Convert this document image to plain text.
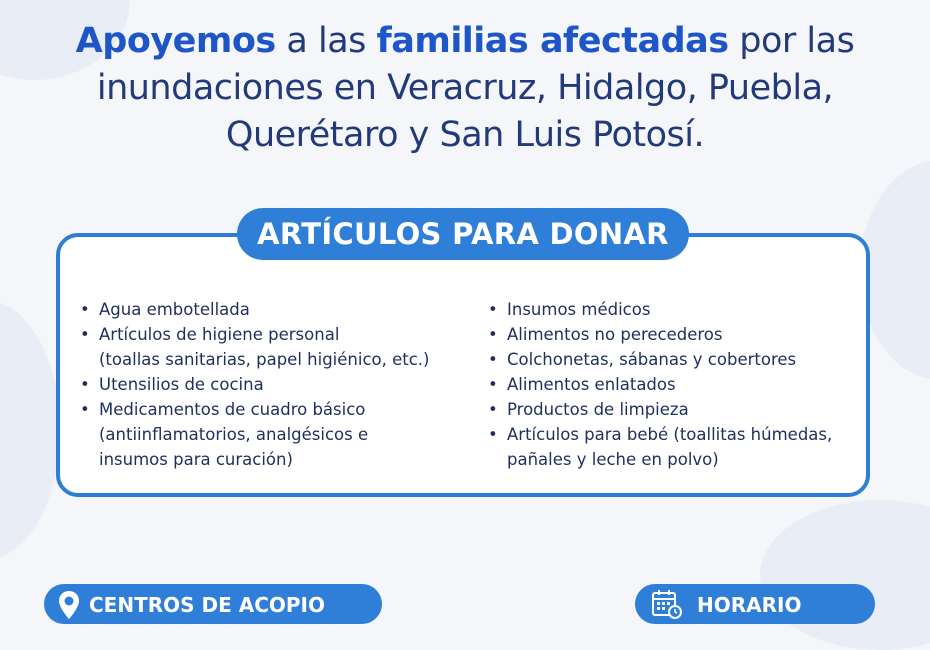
Apoyemos a las familias afectadas por las
inundaciones en Veracruz, Hidalgo, Puebla,
Querétaro y San Luis Potosí.
ARTÍCULOS PARA DONAR
• Agua embotellada
• Artículos de higiene personal
(toallas sanitarias, papel higiénico, etc.)
• Utensilios de cocina
• Medicamentos de cuadro básico
(antiinflamatorios, analgésicos e
insumos para curación)
• Insumos médicos
• Alimentos no perecederos
• Colchonetas, sábanas y cobertores
• Alimentos enlatados
• Productos de limpieza
• Artículos para bebé (toallitas húmedas,
pañales y leche en polvo)
CENTROS DE ACOPIO	HORARIO
